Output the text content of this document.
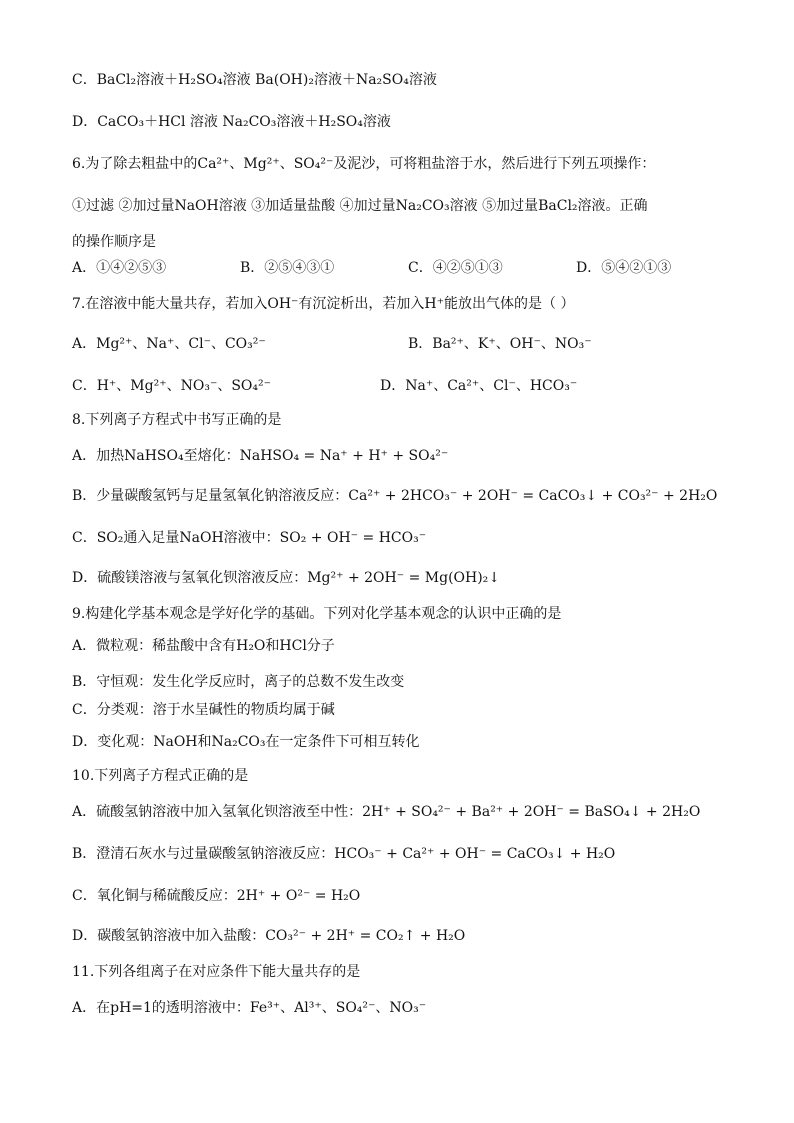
C．BaCl₂溶液＋H₂SO₄溶液 Ba(OH)₂溶液＋Na₂SO₄溶液
D．CaCO₃＋HCl 溶液 Na₂CO₃溶液＋H₂SO₄溶液
6.为了除去粗盐中的Ca²⁺、Mg²⁺、SO₄²⁻及泥沙，可将粗盐溶于水，然后进行下列五项操作：
①过滤 ②加过量NaOH溶液 ③加适量盐酸 ④加过量Na₂CO₃溶液 ⑤加过量BaCl₂溶液。正确
的操作顺序是
A．①④②⑤③	B．②⑤④③①	C．④②⑤①③	D．⑤④②①③
7.在溶液中能大量共存，若加入OH⁻有沉淀析出，若加入H⁺能放出气体的是（ ）
A．Mg²⁺、Na⁺、Cl⁻、CO₃²⁻	B．Ba²⁺、K⁺、OH⁻、NO₃⁻
C．H⁺、Mg²⁺、NO₃⁻、SO₄²⁻	D．Na⁺、Ca²⁺、Cl⁻、HCO₃⁻
8.下列离子方程式中书写正确的是
A．加热NaHSO₄至熔化：NaHSO₄ = Na⁺ + H⁺ + SO₄²⁻
B．少量碳酸氢钙与足量氢氧化钠溶液反应：Ca²⁺ + 2HCO₃⁻ + 2OH⁻ = CaCO₃↓ + CO₃²⁻ + 2H₂O
C．SO₂通入足量NaOH溶液中：SO₂ + OH⁻ = HCO₃⁻
D．硫酸镁溶液与氢氧化钡溶液反应：Mg²⁺ + 2OH⁻ = Mg(OH)₂↓
9.构建化学基本观念是学好化学的基础。下列对化学基本观念的认识中正确的是
A．微粒观：稀盐酸中含有H₂O和HCl分子
B．守恒观：发生化学反应时，离子的总数不发生改变
C．分类观：溶于水呈碱性的物质均属于碱
D．变化观：NaOH和Na₂CO₃在一定条件下可相互转化
10.下列离子方程式正确的是
A．硫酸氢钠溶液中加入氢氧化钡溶液至中性：2H⁺ + SO₄²⁻ + Ba²⁺ + 2OH⁻ = BaSO₄↓ + 2H₂O
B．澄清石灰水与过量碳酸氢钠溶液反应：HCO₃⁻ + Ca²⁺ + OH⁻ = CaCO₃↓ + H₂O
C．氧化铜与稀硫酸反应：2H⁺ + O²⁻ = H₂O
D．碳酸氢钠溶液中加入盐酸：CO₃²⁻ + 2H⁺ = CO₂↑ + H₂O
11.下列各组离子在对应条件下能大量共存的是
A．在pH=1的透明溶液中：Fe³⁺、Al³⁺、SO₄²⁻、NO₃⁻
